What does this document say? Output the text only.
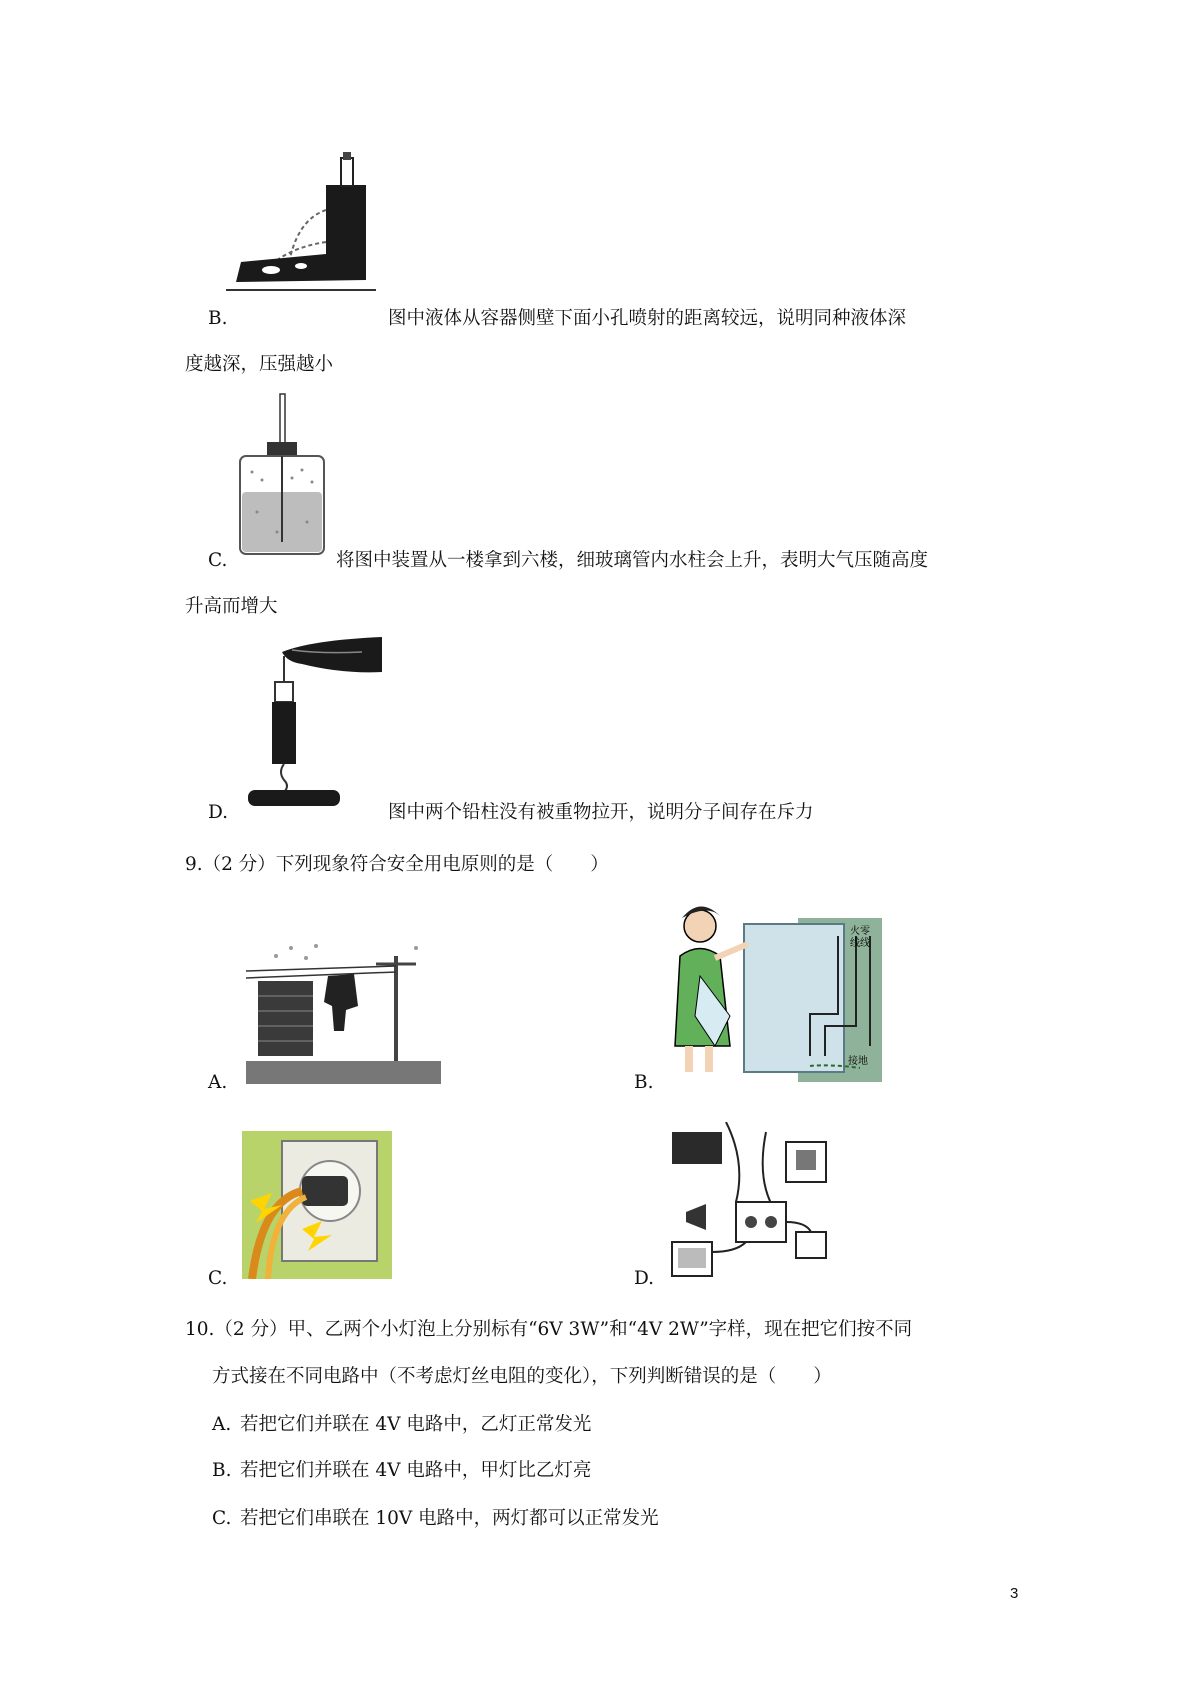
B.	图中液体从容器侧壁下面小孔喷射的距离较远，说明同种液体深
度越深，压强越小
C.	将图中装置从一楼拿到六楼，细玻璃管内水柱会上升，表明大气压随高度
升高而增大
D.	图中两个铅柱没有被重物拉开，说明分子间存在斥力
9.（2 分）下列现象符合安全用电原则的是（　　）
A.
火零
线线
接地
B.
C.	D.
10.（2 分）甲、乙两个小灯泡上分别标有“6V 3W”和“4V 2W”字样，现在把它们按不同
方式接在不同电路中（不考虑灯丝电阻的变化），下列判断错误的是（　　）
A. 若把它们并联在 4V 电路中，乙灯正常发光
B. 若把它们并联在 4V 电路中，甲灯比乙灯亮
C. 若把它们串联在 10V 电路中，两灯都可以正常发光
3
